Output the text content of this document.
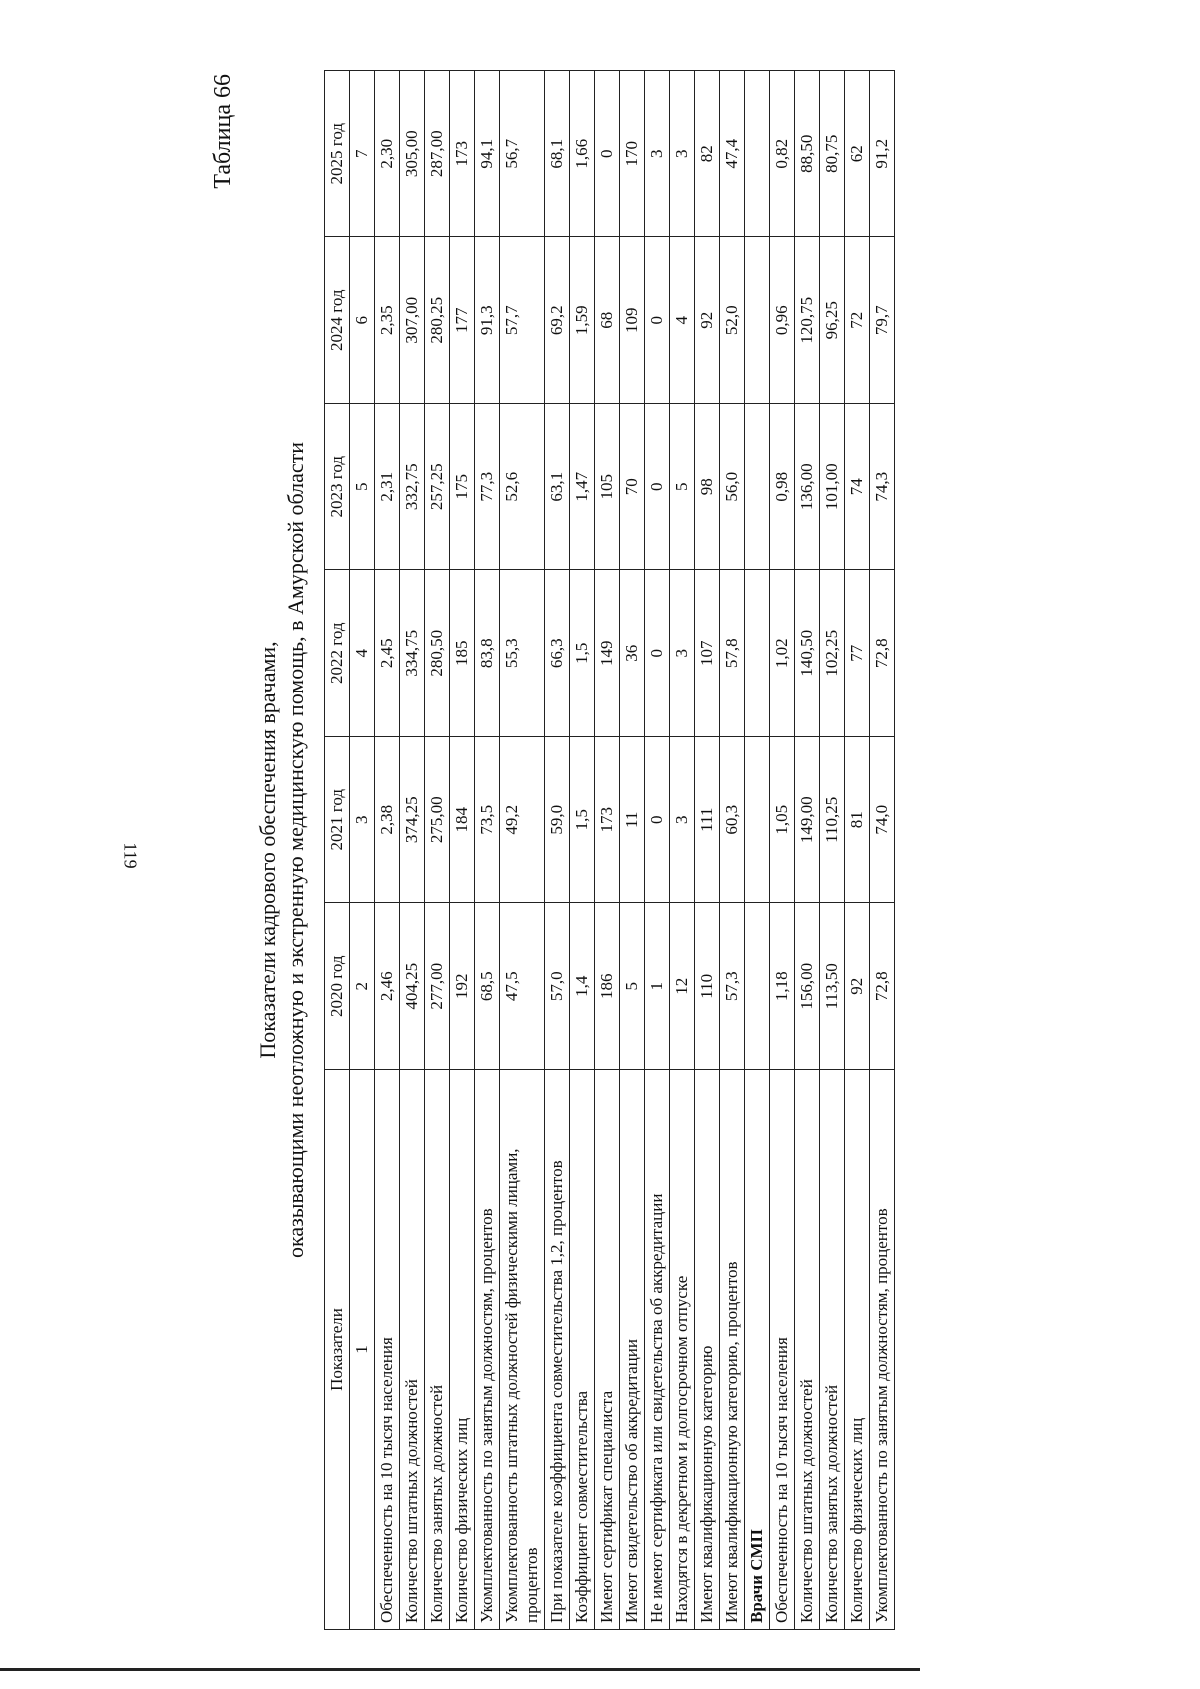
119
Таблица 66
Показатели кадрового обеспечения врачами, оказывающими неотложную и экстренную медицинскую помощь, в Амурской области
Показатели	2020 год	2021 год	2022 год	2023 год	2024 год	2025 год
1	2	3	4	5	6	7
Обеспеченность на 10 тысяч населения	2,46	2,38	2,45	2,31	2,35	2,30
Количество штатных должностей	404,25	374,25	334,75	332,75	307,00	305,00
Количество занятых должностей	277,00	275,00	280,50	257,25	280,25	287,00
Количество физических лиц	192	184	185	175	177	173
Укомплектованность по занятым должностям, процентов	68,5	73,5	83,8	77,3	91,3	94,1
Укомплектованность штатных должностей физическими лицами, процентов	47,5	49,2	55,3	52,6	57,7	56,7
При показателе коэффициента совместительства 1,2, процентов	57,0	59,0	66,3	63,1	69,2	68,1
Коэффициент совместительства	1,4	1,5	1,5	1,47	1,59	1,66
Имеют сертификат специалиста	186	173	149	105	68	0
Имеют свидетельство об аккредитации	5	11	36	70	109	170
Не имеют сертификата или свидетельства об аккредитации	1	0	0	0	0	3
Находятся в декретном и долгосрочном отпуске	12	3	3	5	4	3
Имеют квалификационную категорию	110	111	107	98	92	82
Имеют квалификационную категорию, процентов	57,3	60,3	57,8	56,0	52,0	47,4
Врачи СМП						
Обеспеченность на 10 тысяч населения	1,18	1,05	1,02	0,98	0,96	0,82
Количество штатных должностей	156,00	149,00	140,50	136,00	120,75	88,50
Количество занятых должностей	113,50	110,25	102,25	101,00	96,25	80,75
Количество физических лиц	92	81	77	74	72	62
Укомплектованность по занятым должностям, процентов	72,8	74,0	72,8	74,3	79,7	91,2
